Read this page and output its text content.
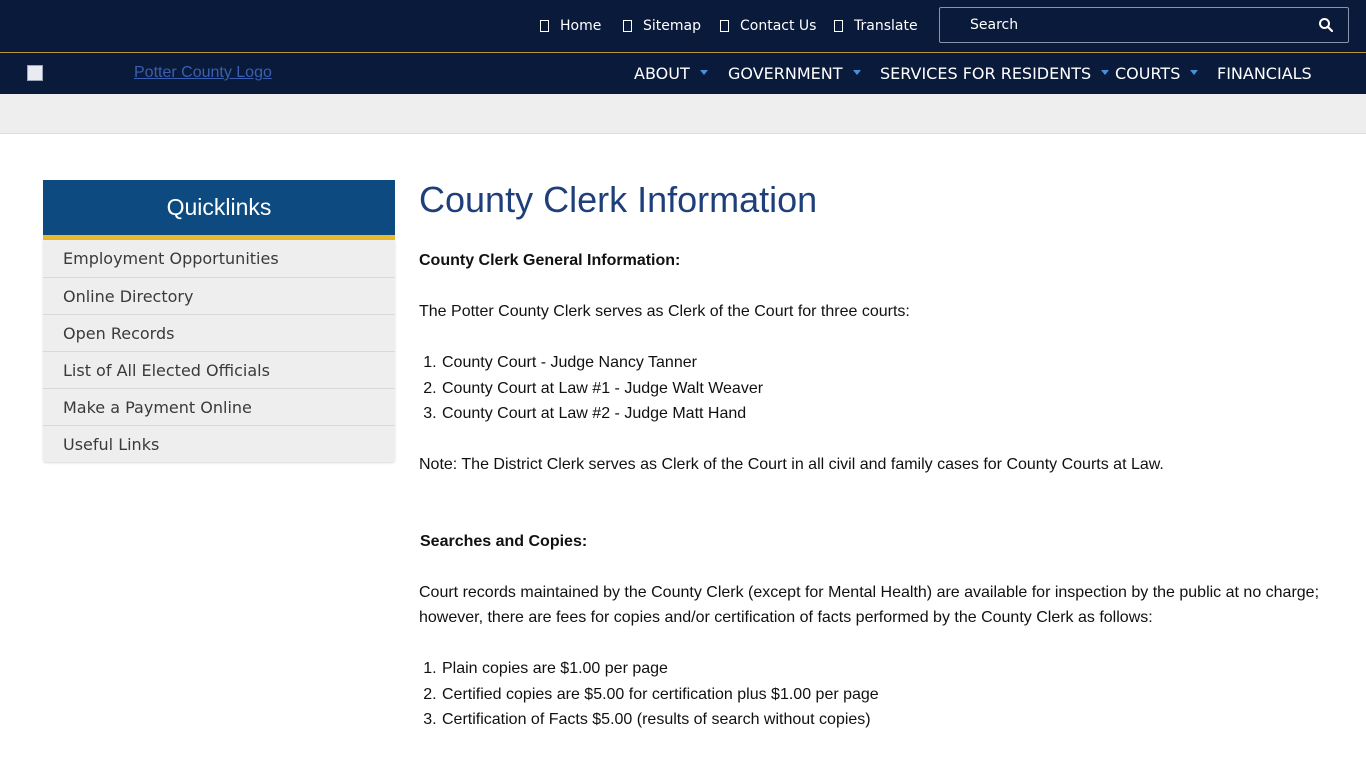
Home	Sitemap	Contact Us	Translate
Search
Potter County Logo	ABOUT GOVERNMENT SERVICES FOR RESIDENTS COURTS FINANCIALS
Quicklinks
Employment Opportunities
Online Directory
Open Records
List of All Elected Officials
Make a Payment Online
Useful Links
County Clerk Information
County Clerk General Information:
The Potter County Clerk serves as Clerk of the Court for three courts:
1. County Court - Judge Nancy Tanner
2. County Court at Law #1 - Judge Walt Weaver
3. County Court at Law #2 - Judge Matt Hand
Note: The District Clerk serves as Clerk of the Court in all civil and family cases for County Courts at Law.
Searches and Copies:
Court records maintained by the County Clerk (except for Mental Health) are available for inspection by the public at no charge; however, there are fees for copies and/or certification of facts performed by the County Clerk as follows:
1. Plain copies are $1.00 per page
2. Certified copies are $5.00 for certification plus $1.00 per page
3. Certification of Facts $5.00 (results of search without copies)
